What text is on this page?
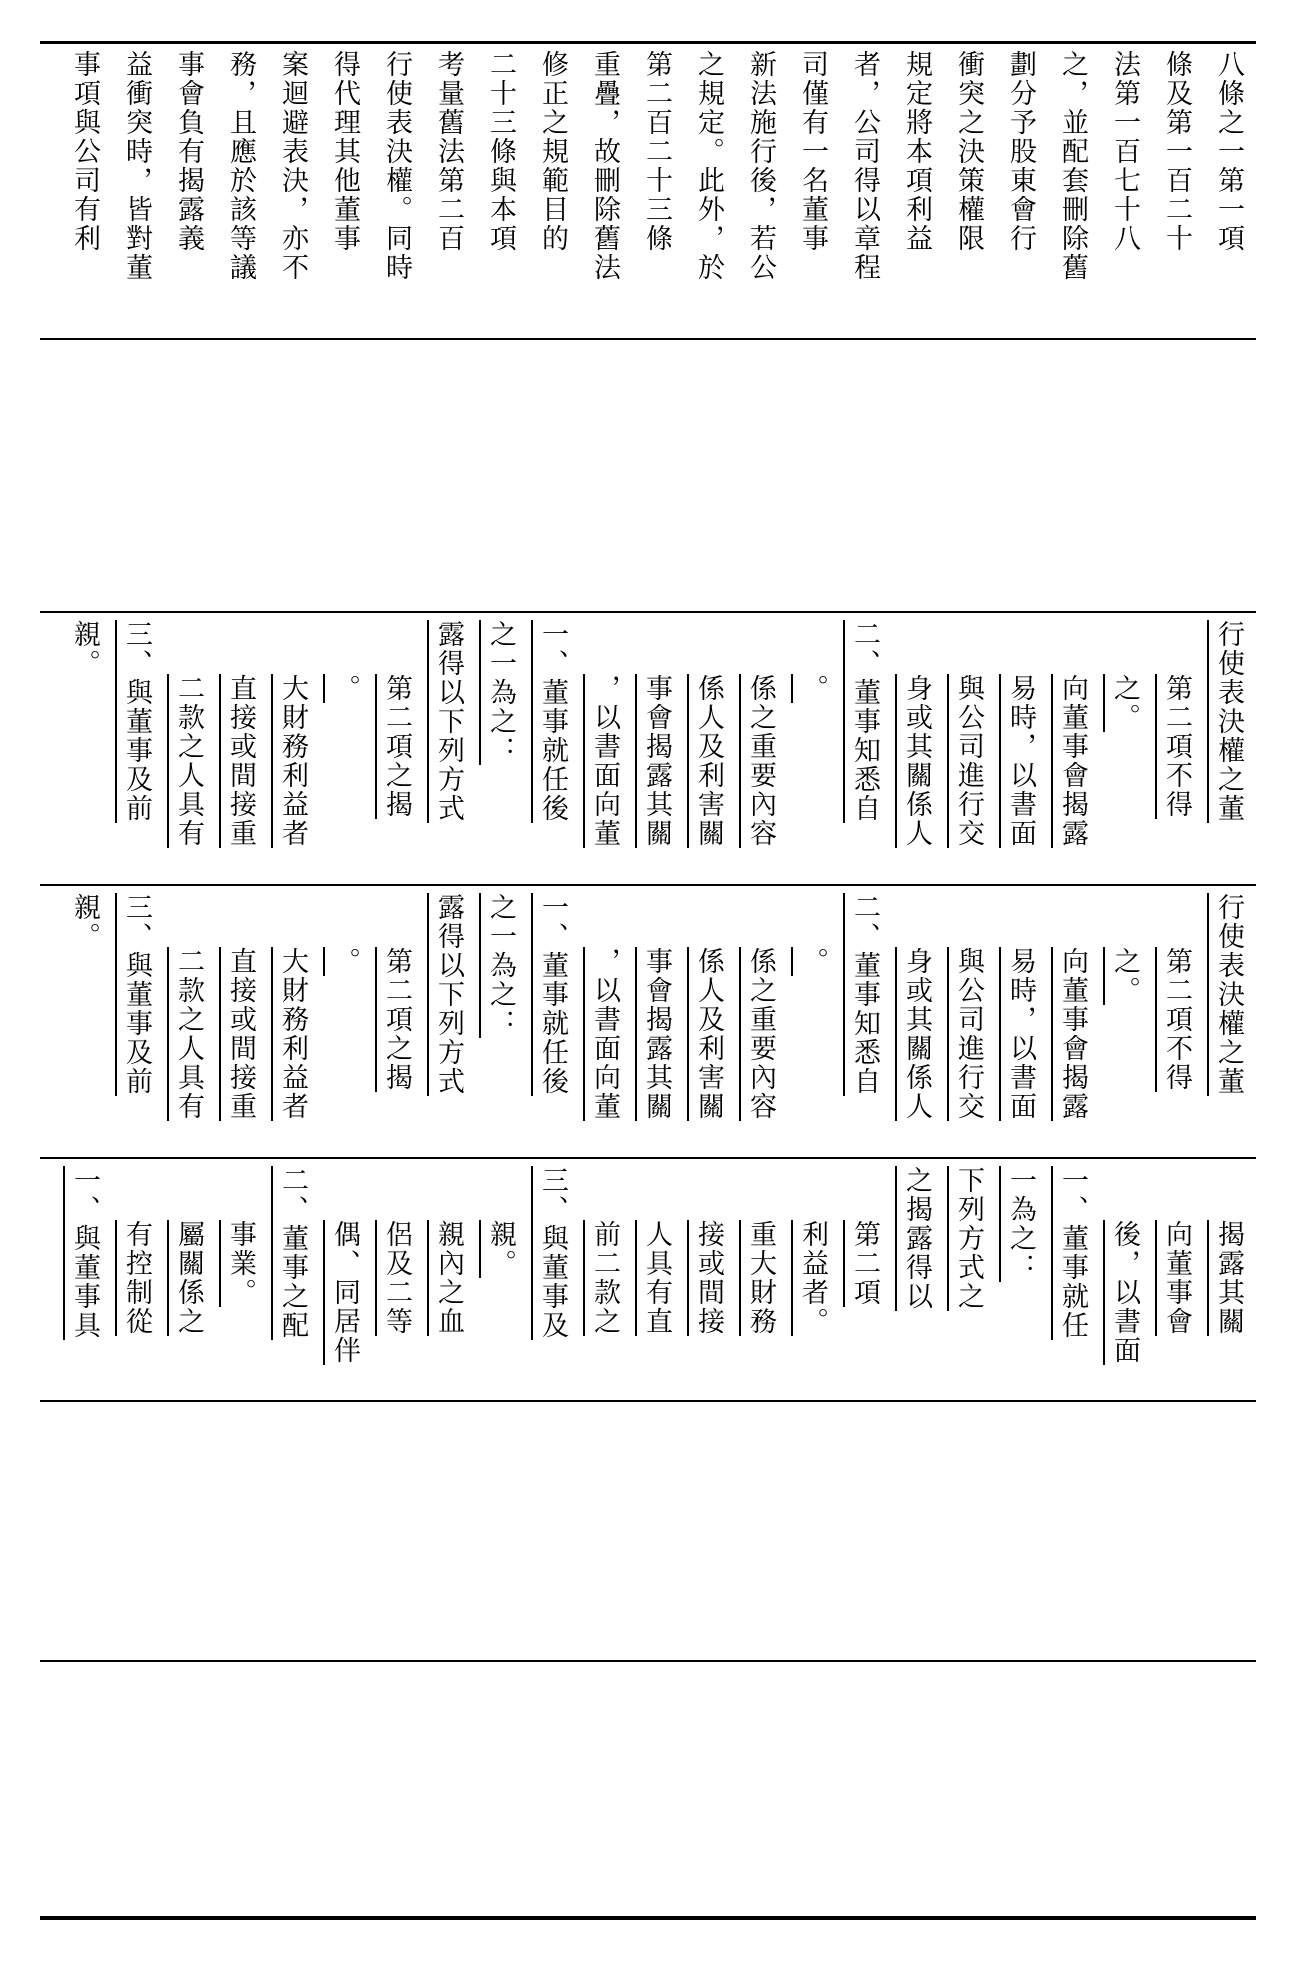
事項與公司有利 益衝突時，皆對董 事會負有揭露義 務，且應於該等議 案迴避表決，亦不 得代理其他董事 行使表決權。同時 考量舊法第二百 二十三條與本項 修正之規範目的 重疊，故刪除舊法 第二百二十三條 之規定。此外，於 新法施行後，若公 司僅有一名董事 者，公司得以章程 規定將本項利益 衝突之決策權限 劃分予股東會行 之，並配套刪除舊 法第一百七十八 條及第一百二十 八條之一第一項
親。 三、與董事及前 二款之人具有 直接或間接重 大財務利益者 。 第二項之揭 露得以下列方式 之一為之： 一、董事就任後 ，以書面向董 事會揭露其關 係人及利害關 係之重要內容 。 二、董事知悉自 身或其關係人 與公司進行交 易時，以書面 向董事會揭露 之。 第二項不得 行使表決權之董
親。 三、與董事及前 二款之人具有 直接或間接重 大財務利益者 。 第二項之揭 露得以下列方式 之一為之： 一、董事就任後 ，以書面向董 事會揭露其關 係人及利害關 係之重要內容 。 二、董事知悉自 身或其關係人 與公司進行交 易時，以書面 向董事會揭露 之。 第二項不得 行使表決權之董
一、與董事具 有控制從 屬關係之 事業。 二、董事之配 偶、同居伴 侶及二等 親內之血 親。 三、與董事及 前二款之 人具有直 接或間接 重大財務 利益者。 第二項 之揭露得以 下列方式之 一為之： 一、董事就任 後，以書面 向董事會 揭露其關
